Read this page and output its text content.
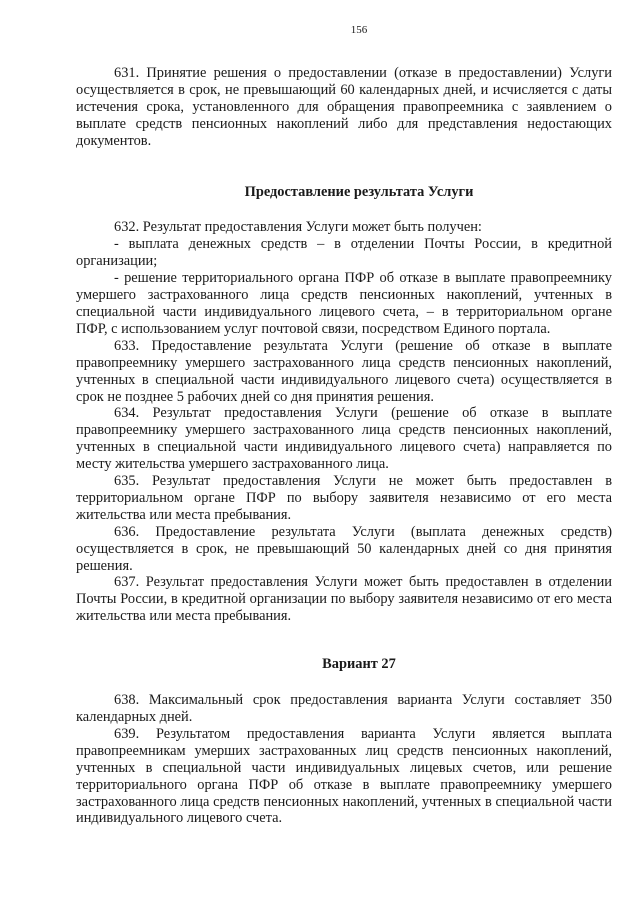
156

631. Принятие решения о предоставлении (отказе в предоставлении) Услуги осуществляется в срок, не превышающий 60 календарных дней, и исчисляется с даты истечения срока, установленного для обращения правопреемника с заявлением о выплате средств пенсионных накоплений либо для представления недостающих документов.

Предоставление результата Услуги

632. Результат предоставления Услуги может быть получен:

- выплата денежных средств – в отделении Почты России, в кредитной организации;

- решение территориального органа ПФР об отказе в выплате правопреемнику умершего застрахованного лица средств пенсионных накоплений, учтенных в специальной части индивидуального лицевого счета, – в территориальном органе ПФР, с использованием услуг почтовой связи, посредством Единого портала.

633. Предоставление результата Услуги (решение об отказе в выплате правопреемнику умершего застрахованного лица средств пенсионных накоплений, учтенных в специальной части индивидуального лицевого счета) осуществляется в срок не позднее 5 рабочих дней со дня принятия решения.

634. Результат предоставления Услуги (решение об отказе в выплате правопреемнику умершего застрахованного лица средств пенсионных накоплений, учтенных в специальной части индивидуального лицевого счета) направляется по месту жительства умершего застрахованного лица.

635. Результат предоставления Услуги не может быть предоставлен в территориальном органе ПФР по выбору заявителя независимо от его места жительства или места пребывания.

636. Предоставление результата Услуги (выплата денежных средств) осуществляется в срок, не превышающий 50 календарных дней со дня принятия решения.

637. Результат предоставления Услуги может быть предоставлен в отделении Почты России, в кредитной организации по выбору заявителя независимо от его места жительства или места пребывания.

Вариант 27

638. Максимальный срок предоставления варианта Услуги составляет 350 календарных дней.

639. Результатом предоставления варианта Услуги является выплата правопреемникам умерших застрахованных лиц средств пенсионных накоплений, учтенных в специальной части индивидуальных лицевых счетов, или решение территориального органа ПФР об отказе в выплате правопреемнику умершего застрахованного лица средств пенсионных накоплений, учтенных в специальной части индивидуального лицевого счета.
